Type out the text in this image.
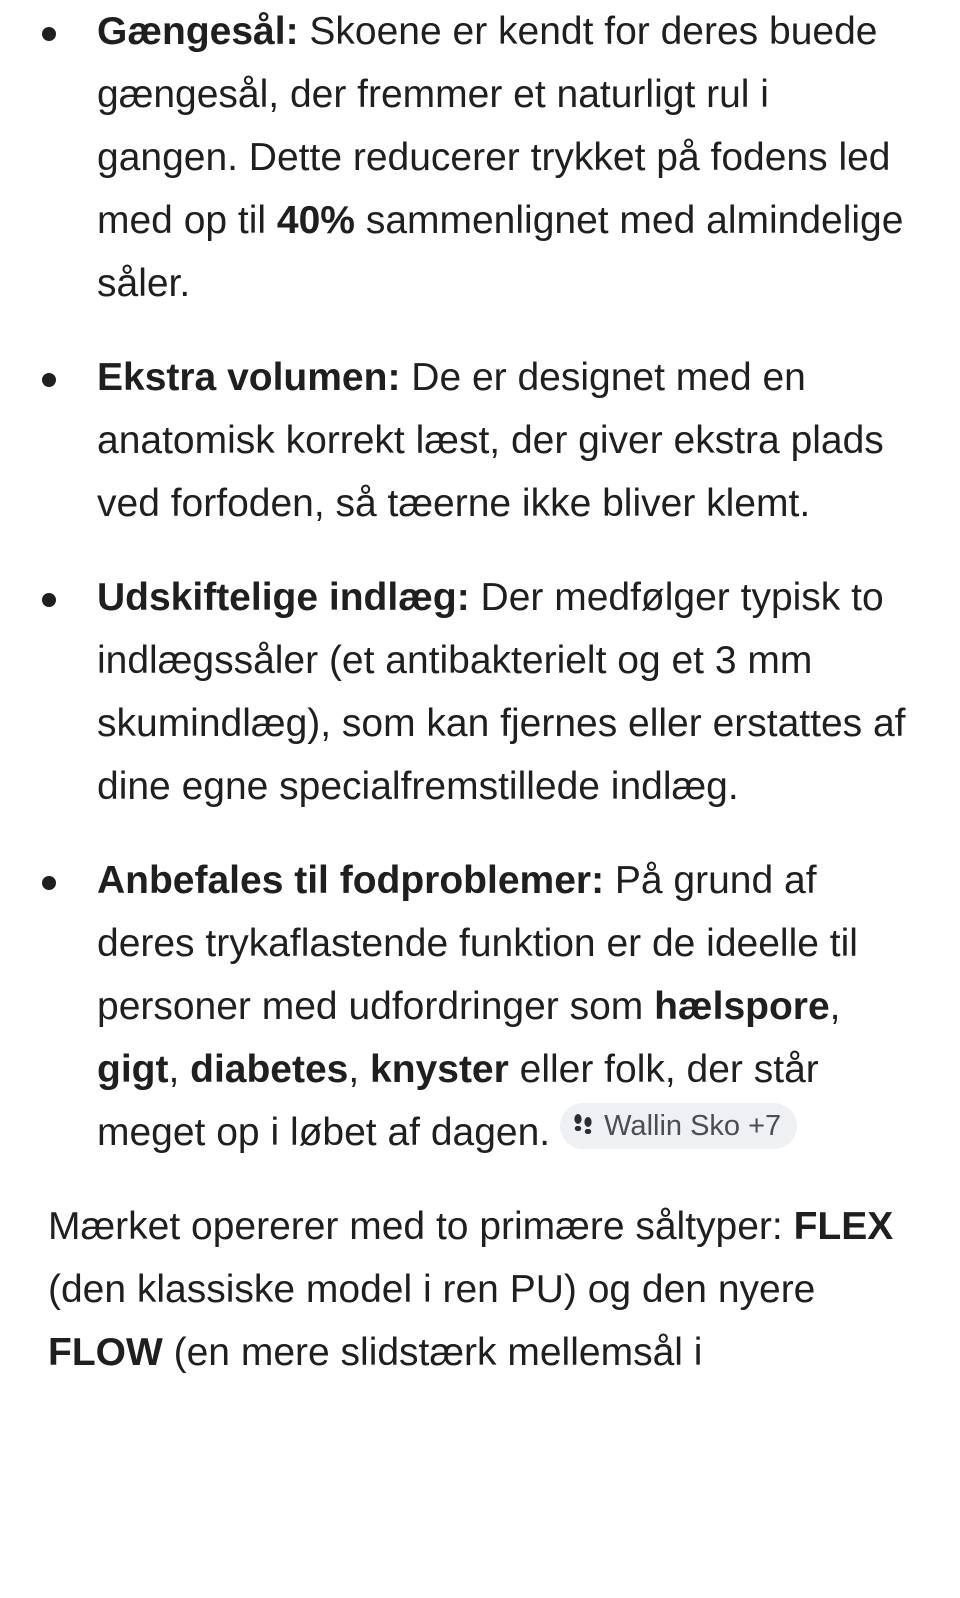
Gængesål: Skoene er kendt for deres buede gængesål, der fremmer et naturligt rul i gangen. Dette reducerer trykket på fodens led med op til 40% sammenlignet med almindelige såler.
Ekstra volumen: De er designet med en anatomisk korrekt læst, der giver ekstra plads ved forfoden, så tæerne ikke bliver klemt.
Udskiftelige indlæg: Der medfølger typisk to indlægssåler (et antibakterielt og et 3 mm skumindlæg), som kan fjernes eller erstattes af dine egne specialfremstillede indlæg.
Anbefales til fodproblemer: På grund af deres trykaflastende funktion er de ideelle til personer med udfordringer som hælspore, gigt, diabetes, knyster eller folk, der står meget op i løbet af dagen. Wallin Sko +7

Mærket opererer med to primære såltyper: FLEX (den klassiske model i ren PU) og den nyere FLOW (en mere slidstærk mellemsål i
